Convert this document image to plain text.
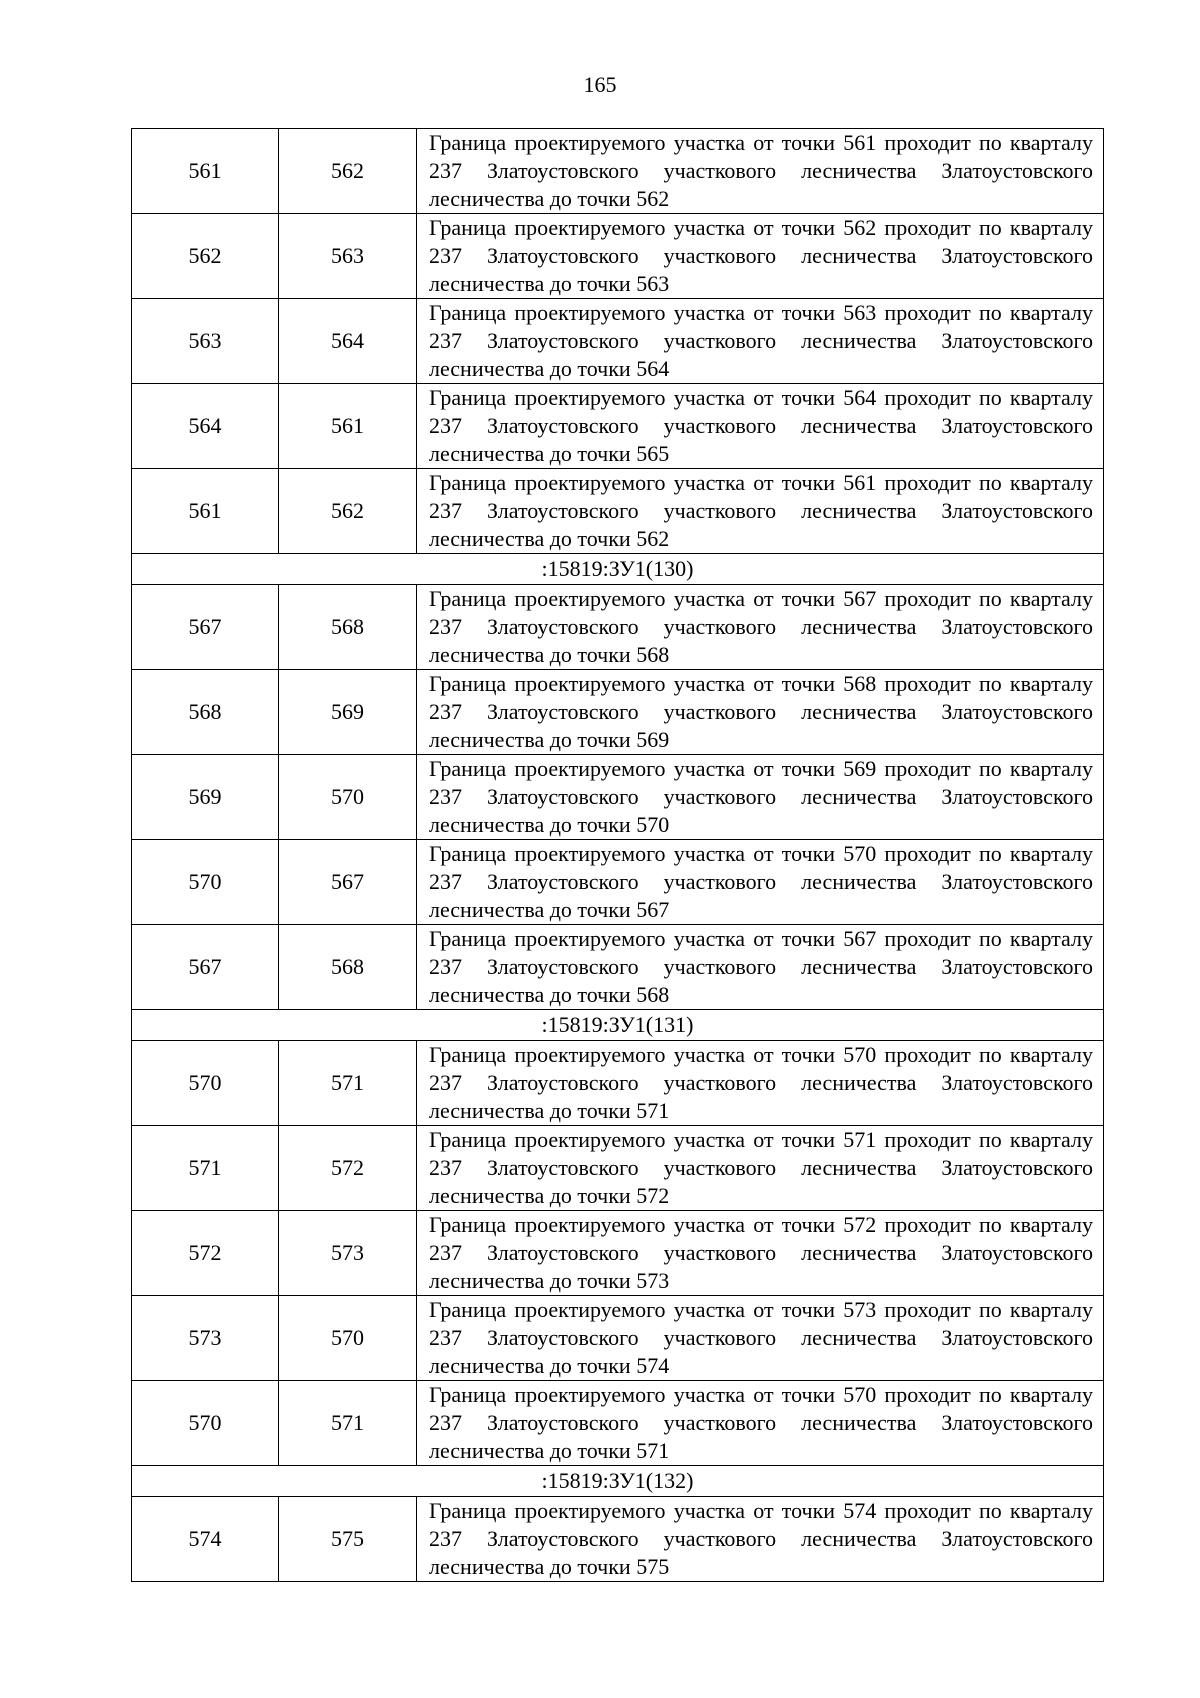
165
561	562	Граница проектируемого участка от точки 561 проходит по кварталу 237 Златоустовского участкового лесничества Златоустовского лесничества до точки 562
562	563	Граница проектируемого участка от точки 562 проходит по кварталу 237 Златоустовского участкового лесничества Златоустовского лесничества до точки 563
563	564	Граница проектируемого участка от точки 563 проходит по кварталу 237 Златоустовского участкового лесничества Златоустовского лесничества до точки 564
564	561	Граница проектируемого участка от точки 564 проходит по кварталу 237 Златоустовского участкового лесничества Златоустовского лесничества до точки 565
561	562	Граница проектируемого участка от точки 561 проходит по кварталу 237 Златоустовского участкового лесничества Златоустовского лесничества до точки 562
:15819:ЗУ1(130)		
567	568	Граница проектируемого участка от точки 567 проходит по кварталу 237 Златоустовского участкового лесничества Златоустовского лесничества до точки 568
568	569	Граница проектируемого участка от точки 568 проходит по кварталу 237 Златоустовского участкового лесничества Златоустовского лесничества до точки 569
569	570	Граница проектируемого участка от точки 569 проходит по кварталу 237 Златоустовского участкового лесничества Златоустовского лесничества до точки 570
570	567	Граница проектируемого участка от точки 570 проходит по кварталу 237 Златоустовского участкового лесничества Златоустовского лесничества до точки 567
567	568	Граница проектируемого участка от точки 567 проходит по кварталу 237 Златоустовского участкового лесничества Златоустовского лесничества до точки 568
:15819:ЗУ1(131)		
570	571	Граница проектируемого участка от точки 570 проходит по кварталу 237 Златоустовского участкового лесничества Златоустовского лесничества до точки 571
571	572	Граница проектируемого участка от точки 571 проходит по кварталу 237 Златоустовского участкового лесничества Златоустовского лесничества до точки 572
572	573	Граница проектируемого участка от точки 572 проходит по кварталу 237 Златоустовского участкового лесничества Златоустовского лесничества до точки 573
573	570	Граница проектируемого участка от точки 573 проходит по кварталу 237 Златоустовского участкового лесничества Златоустовского лесничества до точки 574
570	571	Граница проектируемого участка от точки 570 проходит по кварталу 237 Златоустовского участкового лесничества Златоустовского лесничества до точки 571
:15819:ЗУ1(132)		
574	575	Граница проектируемого участка от точки 574 проходит по кварталу 237 Златоустовского участкового лесничества Златоустовского лесничества до точки 575
